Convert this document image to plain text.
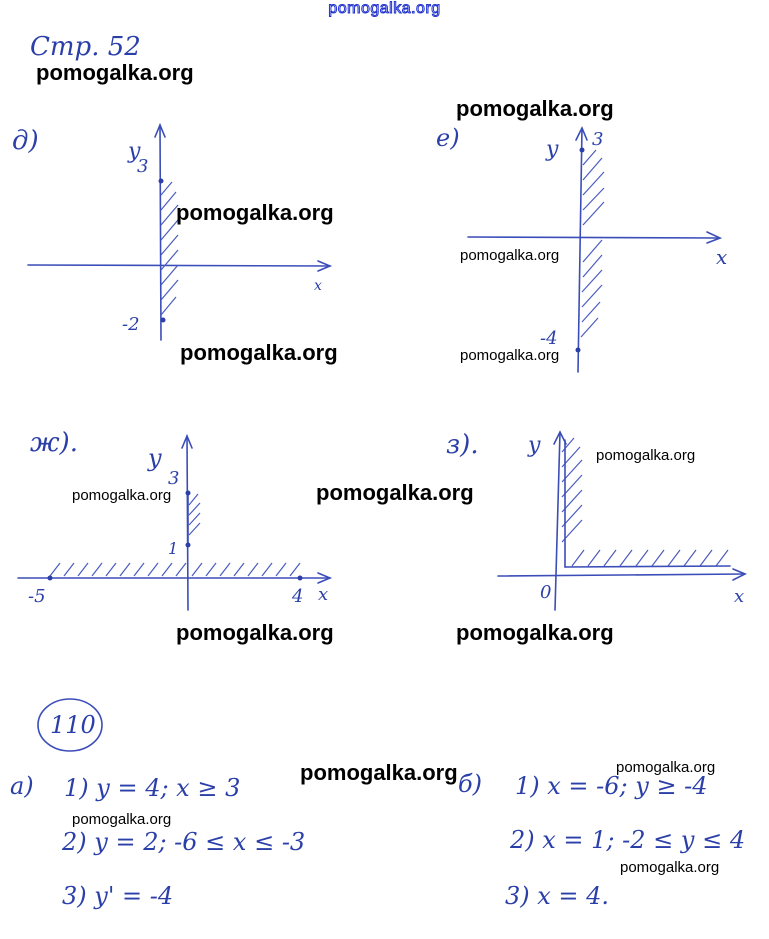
pomogalka.org
Стр. 52
д)	y
x
3
-2
е)	y
x
3
-4
ж).	y
x
3
1
-5	4
з). y
x
0
110
а) 1) y = 4; x ≥ 3
2) y = 2; -6 ≤ x ≤ -3
3) y' = -4
б) 1) x = -6; y ≥ -4
2) x = 1; -2 ≤ y ≤ 4
3) x = 4.
pomogalka.org
pomogalka.org
pomogalka.org
pomogalka.org
pomogalka.org	pomogalka.org
pomogalka.org
pomogalka.org
pomogalka.org
pomogalka.org	pomogalka.org
pomogalka.org	pomogalka.org
pomogalka.org
pomogalka.org
